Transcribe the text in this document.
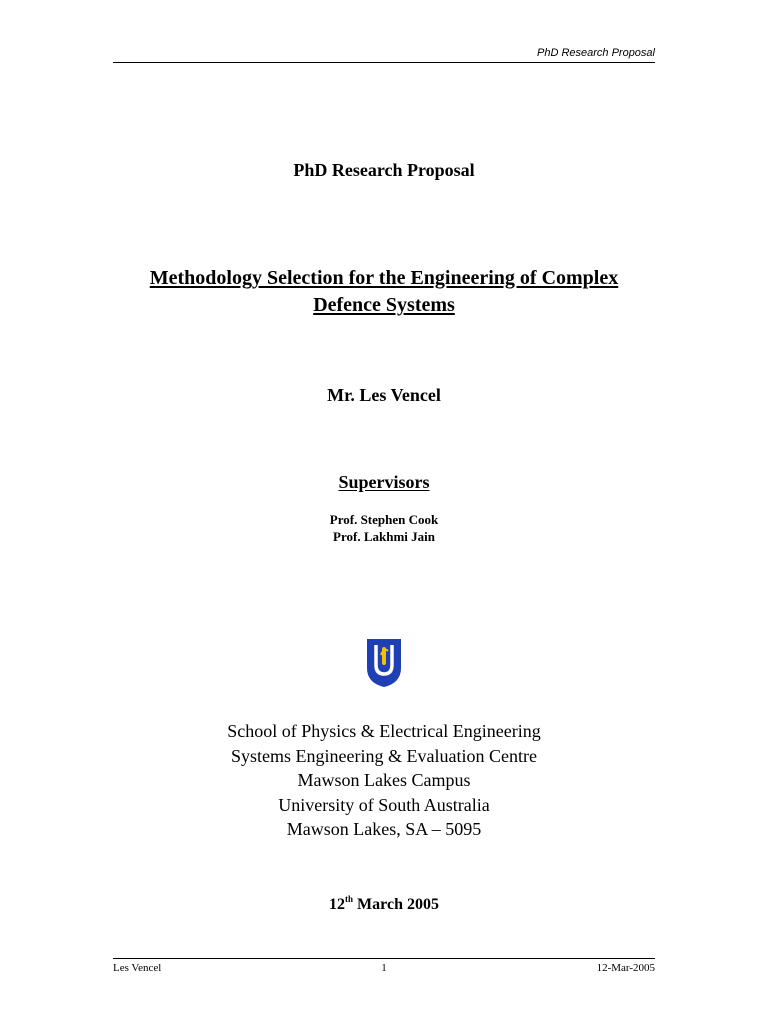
PhD Research Proposal
PhD Research Proposal
Methodology Selection for the Engineering of Complex
Defence Systems
Mr. Les Vencel
Supervisors
Prof. Stephen Cook
Prof. Lakhmi Jain
School of Physics & Electrical Engineering
Systems Engineering & Evaluation Centre
Mawson Lakes Campus
University of South Australia
Mawson Lakes, SA – 5095
12th March 2005
Les Vencel	1	12-Mar-2005
